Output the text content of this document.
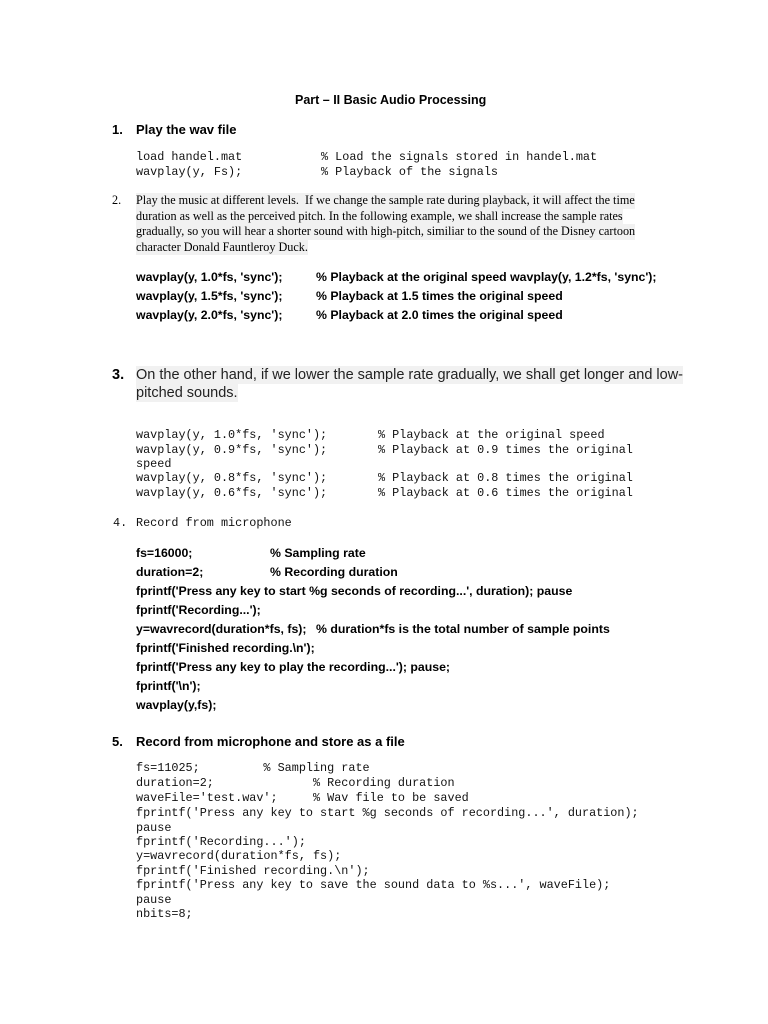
Part – II Basic Audio Processing
1. Play the wav file
load handel.mat	% Load the signals stored in handel.mat
wavplay(y, Fs);	% Playback of the signals
2. Play the music at different levels.  If we change the sample rate during playback, it will affect the time
duration as well as the perceived pitch. In the following example, we shall increase the sample rates
gradually, so you will hear a shorter sound with high-pitch, similiar to the sound of the Disney cartoon
character Donald Fauntleroy Duck.
wavplay(y, 1.0*fs, 'sync');	% Playback at the original speed wavplay(y, 1.2*fs, 'sync');
wavplay(y, 1.5*fs, 'sync');	% Playback at 1.5 times the original speed
wavplay(y, 2.0*fs, 'sync');	% Playback at 2.0 times the original speed
3. On the other hand, if we lower the sample rate gradually, we shall get longer and low-
pitched sounds.
wavplay(y, 1.0*fs, 'sync');	% Playback at the original speed
wavplay(y, 0.9*fs, 'sync');	% Playback at 0.9 times the original
speed
wavplay(y, 0.8*fs, 'sync');	% Playback at 0.8 times the original
wavplay(y, 0.6*fs, 'sync');	% Playback at 0.6 times the original
4. Record from microphone
fs=16000;	% Sampling rate
duration=2;	% Recording duration
fprintf('Press any key to start %g seconds of recording...', duration); pause
fprintf('Recording...');
y=wavrecord(duration*fs, fs); % duration*fs is the total number of sample points
fprintf('Finished recording.\n');
fprintf('Press any key to play the recording...'); pause;
fprintf('\n');
wavplay(y,fs);
5. Record from microphone and store as a file
fs=11025;         % Sampling rate
duration=2;              % Recording duration
waveFile='test.wav';     % Wav file to be saved
fprintf('Press any key to start %g seconds of recording...', duration);
pause
fprintf('Recording...');
y=wavrecord(duration*fs, fs);
fprintf('Finished recording.\n');
fprintf('Press any key to save the sound data to %s...', waveFile);
pause
nbits=8;
